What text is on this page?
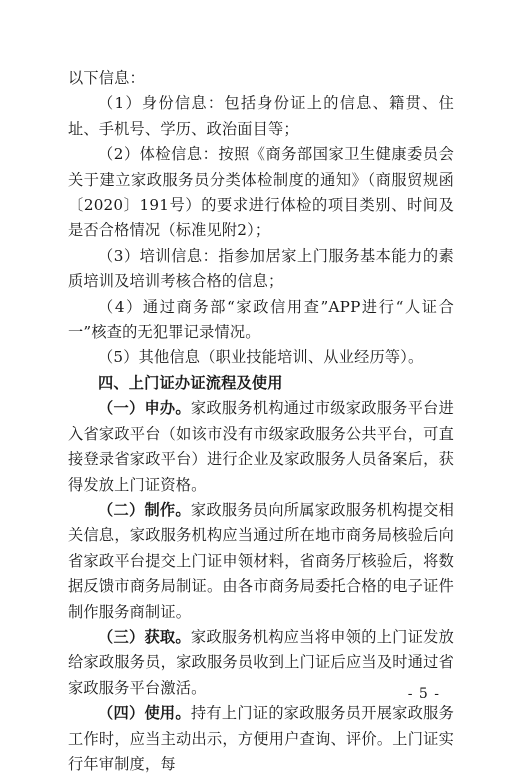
以下信息：

（1）身份信息：包括身份证上的信息、籍贯、住址、手机号、学历、政治面目等；

（2）体检信息：按照《商务部国家卫生健康委员会关于建立家政服务员分类体检制度的通知》（商服贸规函〔2020〕191号）的要求进行体检的项目类别、时间及是否合格情况（标准见附2）；

（3）培训信息：指参加居家上门服务基本能力的素质培训及培训考核合格的信息；

（4）通过商务部“家政信用查”APP进行“人证合一”核查的无犯罪记录情况。

（5）其他信息（职业技能培训、从业经历等）。

四、上门证办证流程及使用

（一）申办。家政服务机构通过市级家政服务平台进入省家政平台（如该市没有市级家政服务公共平台，可直接登录省家政平台）进行企业及家政服务人员备案后，获得发放上门证资格。

（二）制作。家政服务员向所属家政服务机构提交相关信息，家政服务机构应当通过所在地市商务局核验后向省家政平台提交上门证申领材料，省商务厅核验后，将数据反馈市商务局制证。由各市商务局委托合格的电子证件制作服务商制证。

（三）获取。家政服务机构应当将申领的上门证发放给家政服务员，家政服务员收到上门证后应当及时通过省家政服务平台激活。

（四）使用。持有上门证的家政服务员开展家政服务工作时，应当主动出示，方便用户查询、评价。上门证实行年审制度，每

- 5 -
